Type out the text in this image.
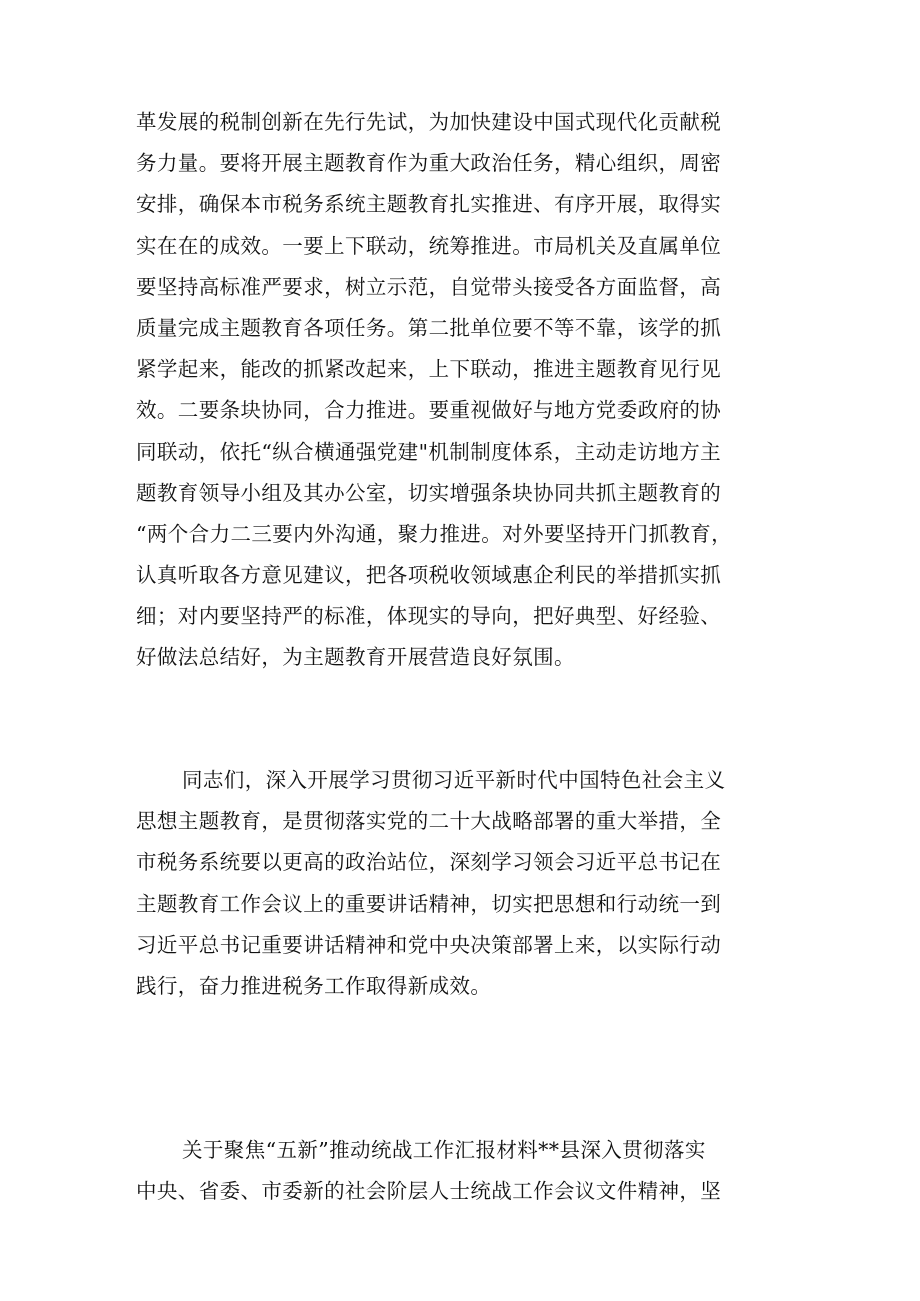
革发展的税制创新在先行先试，为加快建设中国式现代化贡献税
务力量。要将开展主题教育作为重大政治任务，精心组织，周密
安排，确保本市税务系统主题教育扎实推进、有序开展，取得实
实在在的成效。一要上下联动，统筹推进。市局机关及直属单位
要坚持高标准严要求，树立示范，自觉带头接受各方面监督，高
质量完成主题教育各项任务。第二批单位要不等不靠，该学的抓
紧学起来，能改的抓紧改起来，上下联动，推进主题教育见行见
效。二要条块协同，合力推进。要重视做好与地方党委政府的协
同联动，依托“纵合横通强党建"机制制度体系，主动走访地方主
题教育领导小组及其办公室，切实增强条块协同共抓主题教育的
“两个合力二三要内外沟通，聚力推进。对外要坚持开门抓教育，
认真听取各方意见建议，把各项税收领域惠企利民的举措抓实抓
细；对内要坚持严的标准，体现实的导向，把好典型、好经验、
好做法总结好，为主题教育开展营造良好氛围。
同志们，深入开展学习贯彻习近平新时代中国特色社会主义
思想主题教育，是贯彻落实党的二十大战略部署的重大举措，全
市税务系统要以更高的政治站位，深刻学习领会习近平总书记在
主题教育工作会议上的重要讲话精神，切实把思想和行动统一到
习近平总书记重要讲话精神和党中央决策部署上来，以实际行动
践行，奋力推进税务工作取得新成效。
关于聚焦“五新”推动统战工作汇报材料**县深入贯彻落实
中央、省委、市委新的社会阶层人士统战工作会议文件精神，坚
